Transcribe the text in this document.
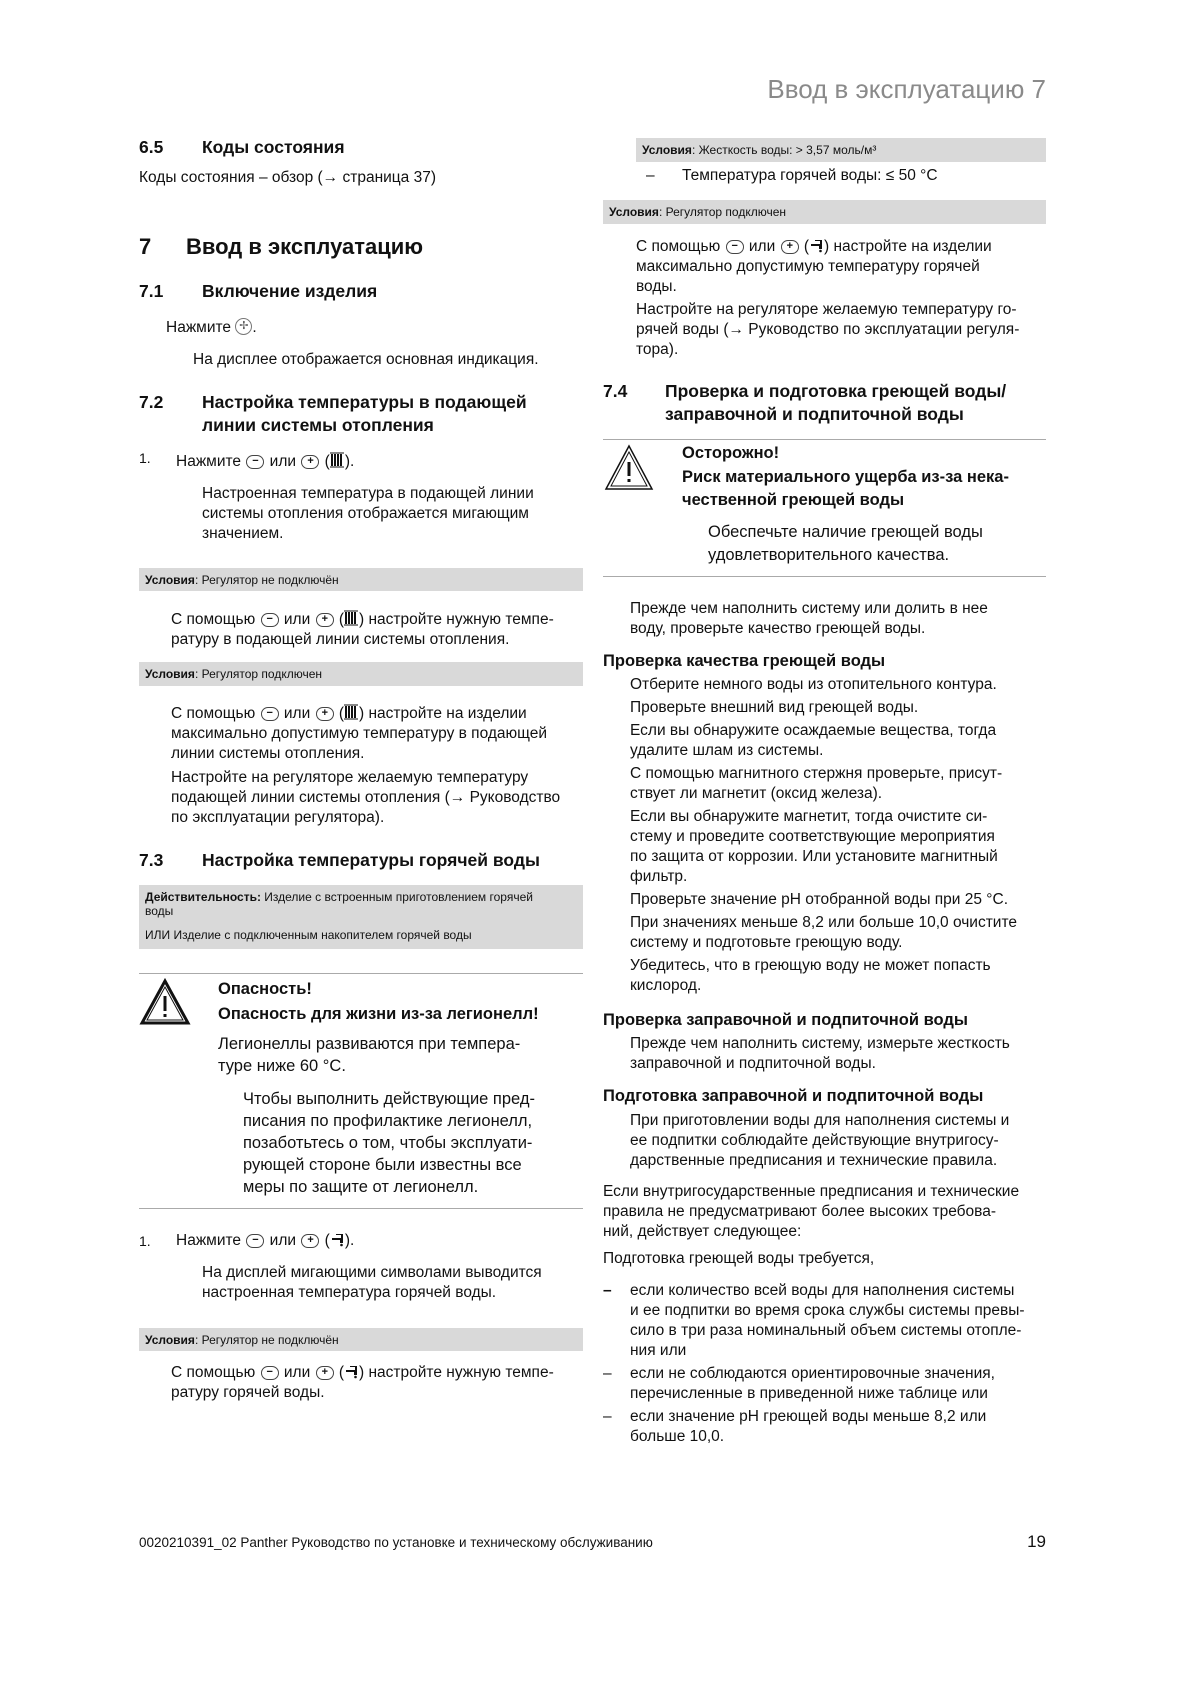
Ввод в эксплуатацию 7
6.5 Коды состояния
Коды состояния – обзор (→ страница 37)
7 Ввод в эксплуатацию
7.1 Включение изделия
Нажмите ✢ .
На дисплее отображается основная индикация.
7.2 Настройка температуры в подающей
линии системы отопления
1. Нажмите − или + ( ).
Настроенная температура в подающей линии
системы отопления отображается мигающим
значением.
Условия: Регулятор не подключён
С помощью − или + ( ) настройте нужную темпе-
ратуру в подающей линии системы отопления.
Условия: Регулятор подключен
С помощью − или + ( ) настройте на изделии
максимально допустимую температуру в подающей
линии системы отопления.
Настройте на регуляторе желаемую температуру
подающей линии системы отопления (→ Руководство
по эксплуатации регулятора).
7.3 Настройка температуры горячей воды
Действительность: Изделие с встроенным приготовлением горячей
воды
ИЛИ Изделие с подключенным накопителем горячей воды
Опасность!
Опасность для жизни из-за легионелл!
Легионеллы развиваются при темпера-
туре ниже 60 °C.
Чтобы выполнить действующие пред-
писания по профилактике легионелл,
позаботьтесь о том, чтобы эксплуати-
рующей стороне были известны все
меры по защите от легионелл.
1. Нажмите − или + ( ).
На дисплей мигающими символами выводится
настроенная температура горячей воды.
Условия: Регулятор не подключён
С помощью − или + ( ) настройте нужную темпе-
ратуру горячей воды.
Условия: Жесткость воды: > 3,57 моль/м³
– Температура горячей воды: ≤ 50 °C
Условия: Регулятор подключен
С помощью − или + ( ) настройте на изделии
максимально допустимую температуру горячей
воды.
Настройте на регуляторе желаемую температуру го-
рячей воды (→ Руководство по эксплуатации регуля-
тора).
7.4 Проверка и подготовка греющей воды/
заправочной и подпиточной воды
Осторожно!
Риск материального ущерба из-за нека-
чественной греющей воды
Обеспечьте наличие греющей воды
удовлетворительного качества.
Прежде чем наполнить систему или долить в нее
воду, проверьте качество греющей воды.
Проверка качества греющей воды
Отберите немного воды из отопительного контура.
Проверьте внешний вид греющей воды.
Если вы обнаружите осаждаемые вещества, тогда
удалите шлам из системы.
С помощью магнитного стержня проверьте, присут-
ствует ли магнетит (оксид железа).
Если вы обнаружите магнетит, тогда очистите си-
стему и проведите соответствующие мероприятия
по защита от коррозии. Или установите магнитный
фильтр.
Проверьте значение pH отобранной воды при 25 °C.
При значениях меньше 8,2 или больше 10,0 очистите
систему и подготовьте греющую воду.
Убедитесь, что в греющую воду не может попасть
кислород.
Проверка заправочной и подпиточной воды
Прежде чем наполнить систему, измерьте жесткость
заправочной и подпиточной воды.
Подготовка заправочной и подпиточной воды
При приготовлении воды для наполнения системы и
ее подпитки соблюдайте действующие внутригосу-
дарственные предписания и технические правила.
Если внутригосударственные предписания и технические
правила не предусматривают более высоких требова-
ний, действует следующее:
Подготовка греющей воды требуется,
–	если количество всей воды для наполнения системы
и ее подпитки во время срока службы системы превы-
сило в три раза номинальный объем системы отопле-
ния или
–	если не соблюдаются ориентировочные значения,
перечисленные в приведенной ниже таблице или
–	если значение pH греющей воды меньше 8,2 или
больше 10,0.
0020210391_02 Panther Руководство по установке и техническому обслуживанию	19
